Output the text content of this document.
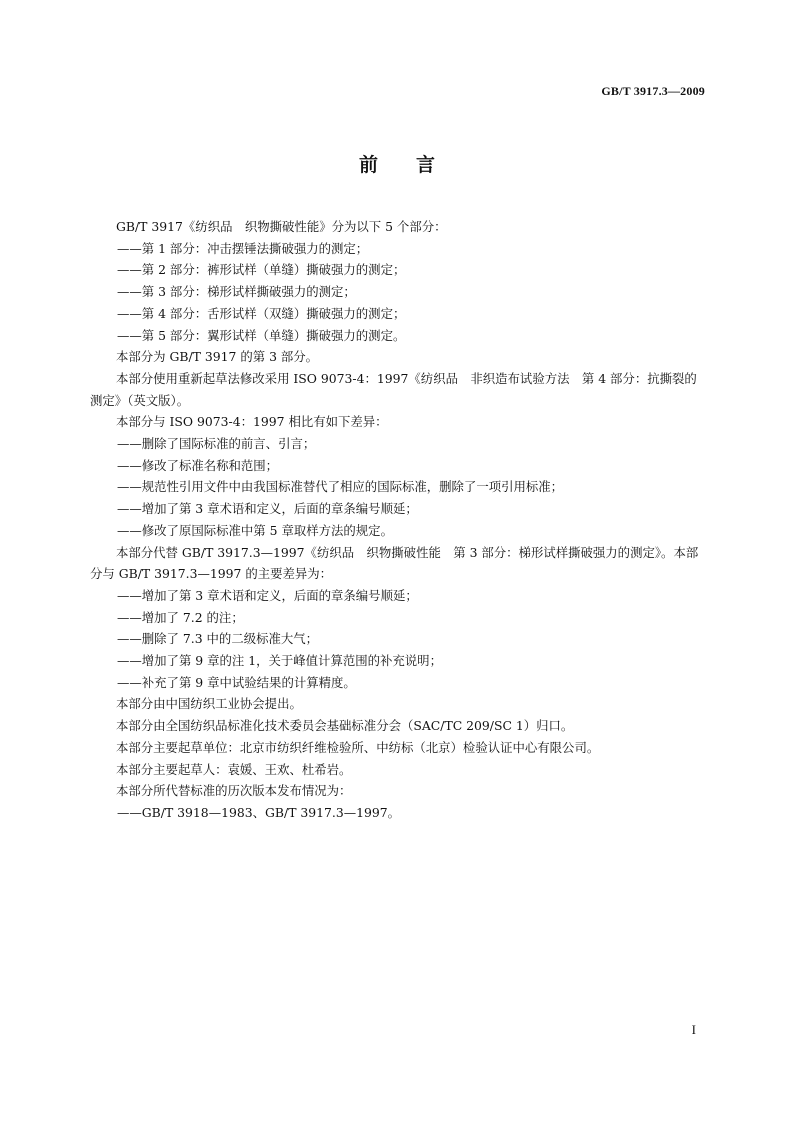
GB/T 3917.3—2009
前 言

GB/T 3917《纺织品　织物撕破性能》分为以下 5 个部分：

——第 1 部分：冲击摆锤法撕破强力的测定；

——第 2 部分：裤形试样（单缝）撕破强力的测定；

——第 3 部分：梯形试样撕破强力的测定；

——第 4 部分：舌形试样（双缝）撕破强力的测定；

——第 5 部分：翼形试样（单缝）撕破强力的测定。

本部分为 GB/T 3917 的第 3 部分。

本部分使用重新起草法修改采用 ISO 9073-4：1997《纺织品　非织造布试验方法　第 4 部分：抗撕裂的测定》（英文版）。

本部分与 ISO 9073-4：1997 相比有如下差异：

——删除了国际标准的前言、引言；

——修改了标准名称和范围；

——规范性引用文件中由我国标准替代了相应的国际标准，删除了一项引用标准；

——增加了第 3 章术语和定义，后面的章条编号顺延；

——修改了原国际标准中第 5 章取样方法的规定。

本部分代替 GB/T 3917.3—1997《纺织品　织物撕破性能　第 3 部分：梯形试样撕破强力的测定》。本部分与 GB/T 3917.3—1997 的主要差异为：

——增加了第 3 章术语和定义，后面的章条编号顺延；

——增加了 7.2 的注；

——删除了 7.3 中的二级标准大气；

——增加了第 9 章的注 1，关于峰值计算范围的补充说明；

——补充了第 9 章中试验结果的计算精度。

本部分由中国纺织工业协会提出。

本部分由全国纺织品标准化技术委员会基础标准分会（SAC/TC 209/SC 1）归口。

本部分主要起草单位：北京市纺织纤维检验所、中纺标（北京）检验认证中心有限公司。

本部分主要起草人：袁媛、王欢、杜希岩。

本部分所代替标准的历次版本发布情况为：

——GB/T 3918—1983、GB/T 3917.3—1997。

I
